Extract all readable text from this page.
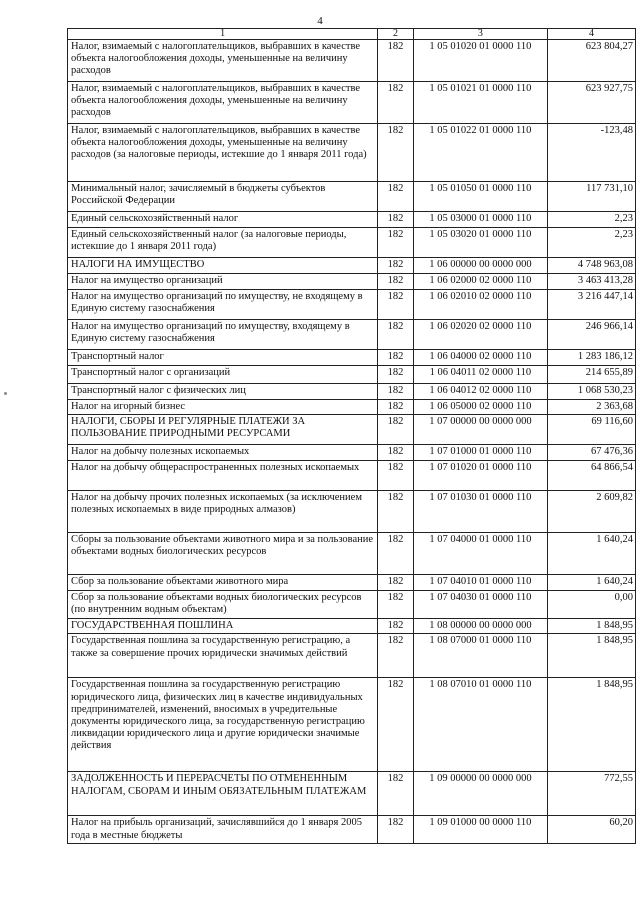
4
1	2	3	4
Налог, взимаемый с налогоплательщиков, выбравших в качестве объекта налогообложения доходы, уменьшенные на величину расходов	182	1 05 01020 01 0000 110	623 804,27
Налог, взимаемый с налогоплательщиков, выбравших в качестве объекта налогообложения доходы, уменьшенные на величину расходов	182	1 05 01021 01 0000 110	623 927,75
Налог, взимаемый с налогоплательщиков, выбравших в качестве объекта налогообложения доходы, уменьшенные на величину расходов (за налоговые периоды, истекшие до 1 января 2011 года)	182	1 05 01022 01 0000 110	-123,48
Минимальный налог, зачисляемый в бюджеты субъектов Российской Федерации	182	1 05 01050 01 0000 110	117 731,10
Единый сельскохозяйственный налог	182	1 05 03000 01 0000 110	2,23
Единый сельскохозяйственный налог (за налоговые периоды, истекшие до 1 января 2011 года)	182	1 05 03020 01 0000 110	2,23
НАЛОГИ НА ИМУЩЕСТВО	182	1 06 00000 00 0000 000	4 748 963,08
Налог на имущество организаций	182	1 06 02000 02 0000 110	3 463 413,28
Налог на имущество организаций по имуществу, не входящему в Единую систему газоснабжения	182	1 06 02010 02 0000 110	3 216 447,14
Налог на имущество организаций по имуществу, входящему в Единую систему газоснабжения	182	1 06 02020 02 0000 110	246 966,14
Транспортный налог	182	1 06 04000 02 0000 110	1 283 186,12
Транспортный налог с организаций	182	1 06 04011 02 0000 110	214 655,89
Транспортный налог с физических лиц	182	1 06 04012 02 0000 110	1 068 530,23
Налог на игорный бизнес	182	1 06 05000 02 0000 110	2 363,68
НАЛОГИ, СБОРЫ И РЕГУЛЯРНЫЕ ПЛАТЕЖИ ЗА ПОЛЬЗОВАНИЕ ПРИРОДНЫМИ РЕСУРСАМИ	182	1 07 00000 00 0000 000	69 116,60
Налог на добычу полезных ископаемых	182	1 07 01000 01 0000 110	67 476,36
Налог на добычу общераспространенных полезных ископаемых	182	1 07 01020 01 0000 110	64 866,54
Налог на добычу прочих полезных ископаемых (за исключением полезных ископаемых в виде природных алмазов)	182	1 07 01030 01 0000 110	2 609,82
Сборы за пользование объектами животного мира и за пользование объектами водных биологических ресурсов	182	1 07 04000 01 0000 110	1 640,24
Сбор за пользование объектами животного мира	182	1 07 04010 01 0000 110	1 640,24
Сбор за пользование объектами водных биологических ресурсов (по внутренним водным объектам)	182	1 07 04030 01 0000 110	0,00
ГОСУДАРСТВЕННАЯ ПОШЛИНА	182	1 08 00000 00 0000 000	1 848,95
Государственная пошлина за государственную регистрацию, а также за совершение прочих юридически значимых действий	182	1 08 07000 01 0000 110	1 848,95
Государственная пошлина за государственную регистрацию юридического лица, физических лиц в качестве индивидуальных предпринимателей, изменений, вносимых в учредительные документы юридического лица, за государственную регистрацию ликвидации юридического лица и другие юридически значимые действия	182	1 08 07010 01 0000 110	1 848,95
ЗАДОЛЖЕННОСТЬ И ПЕРЕРАСЧЕТЫ ПО ОТМЕНЕННЫМ НАЛОГАМ, СБОРАМ И ИНЫМ ОБЯЗАТЕЛЬНЫМ ПЛАТЕЖАМ	182	1 09 00000 00 0000 000	772,55
Налог на прибыль организаций, зачислявшийся до 1 января 2005 года в местные бюджеты	182	1 09 01000 00 0000 110	60,20
